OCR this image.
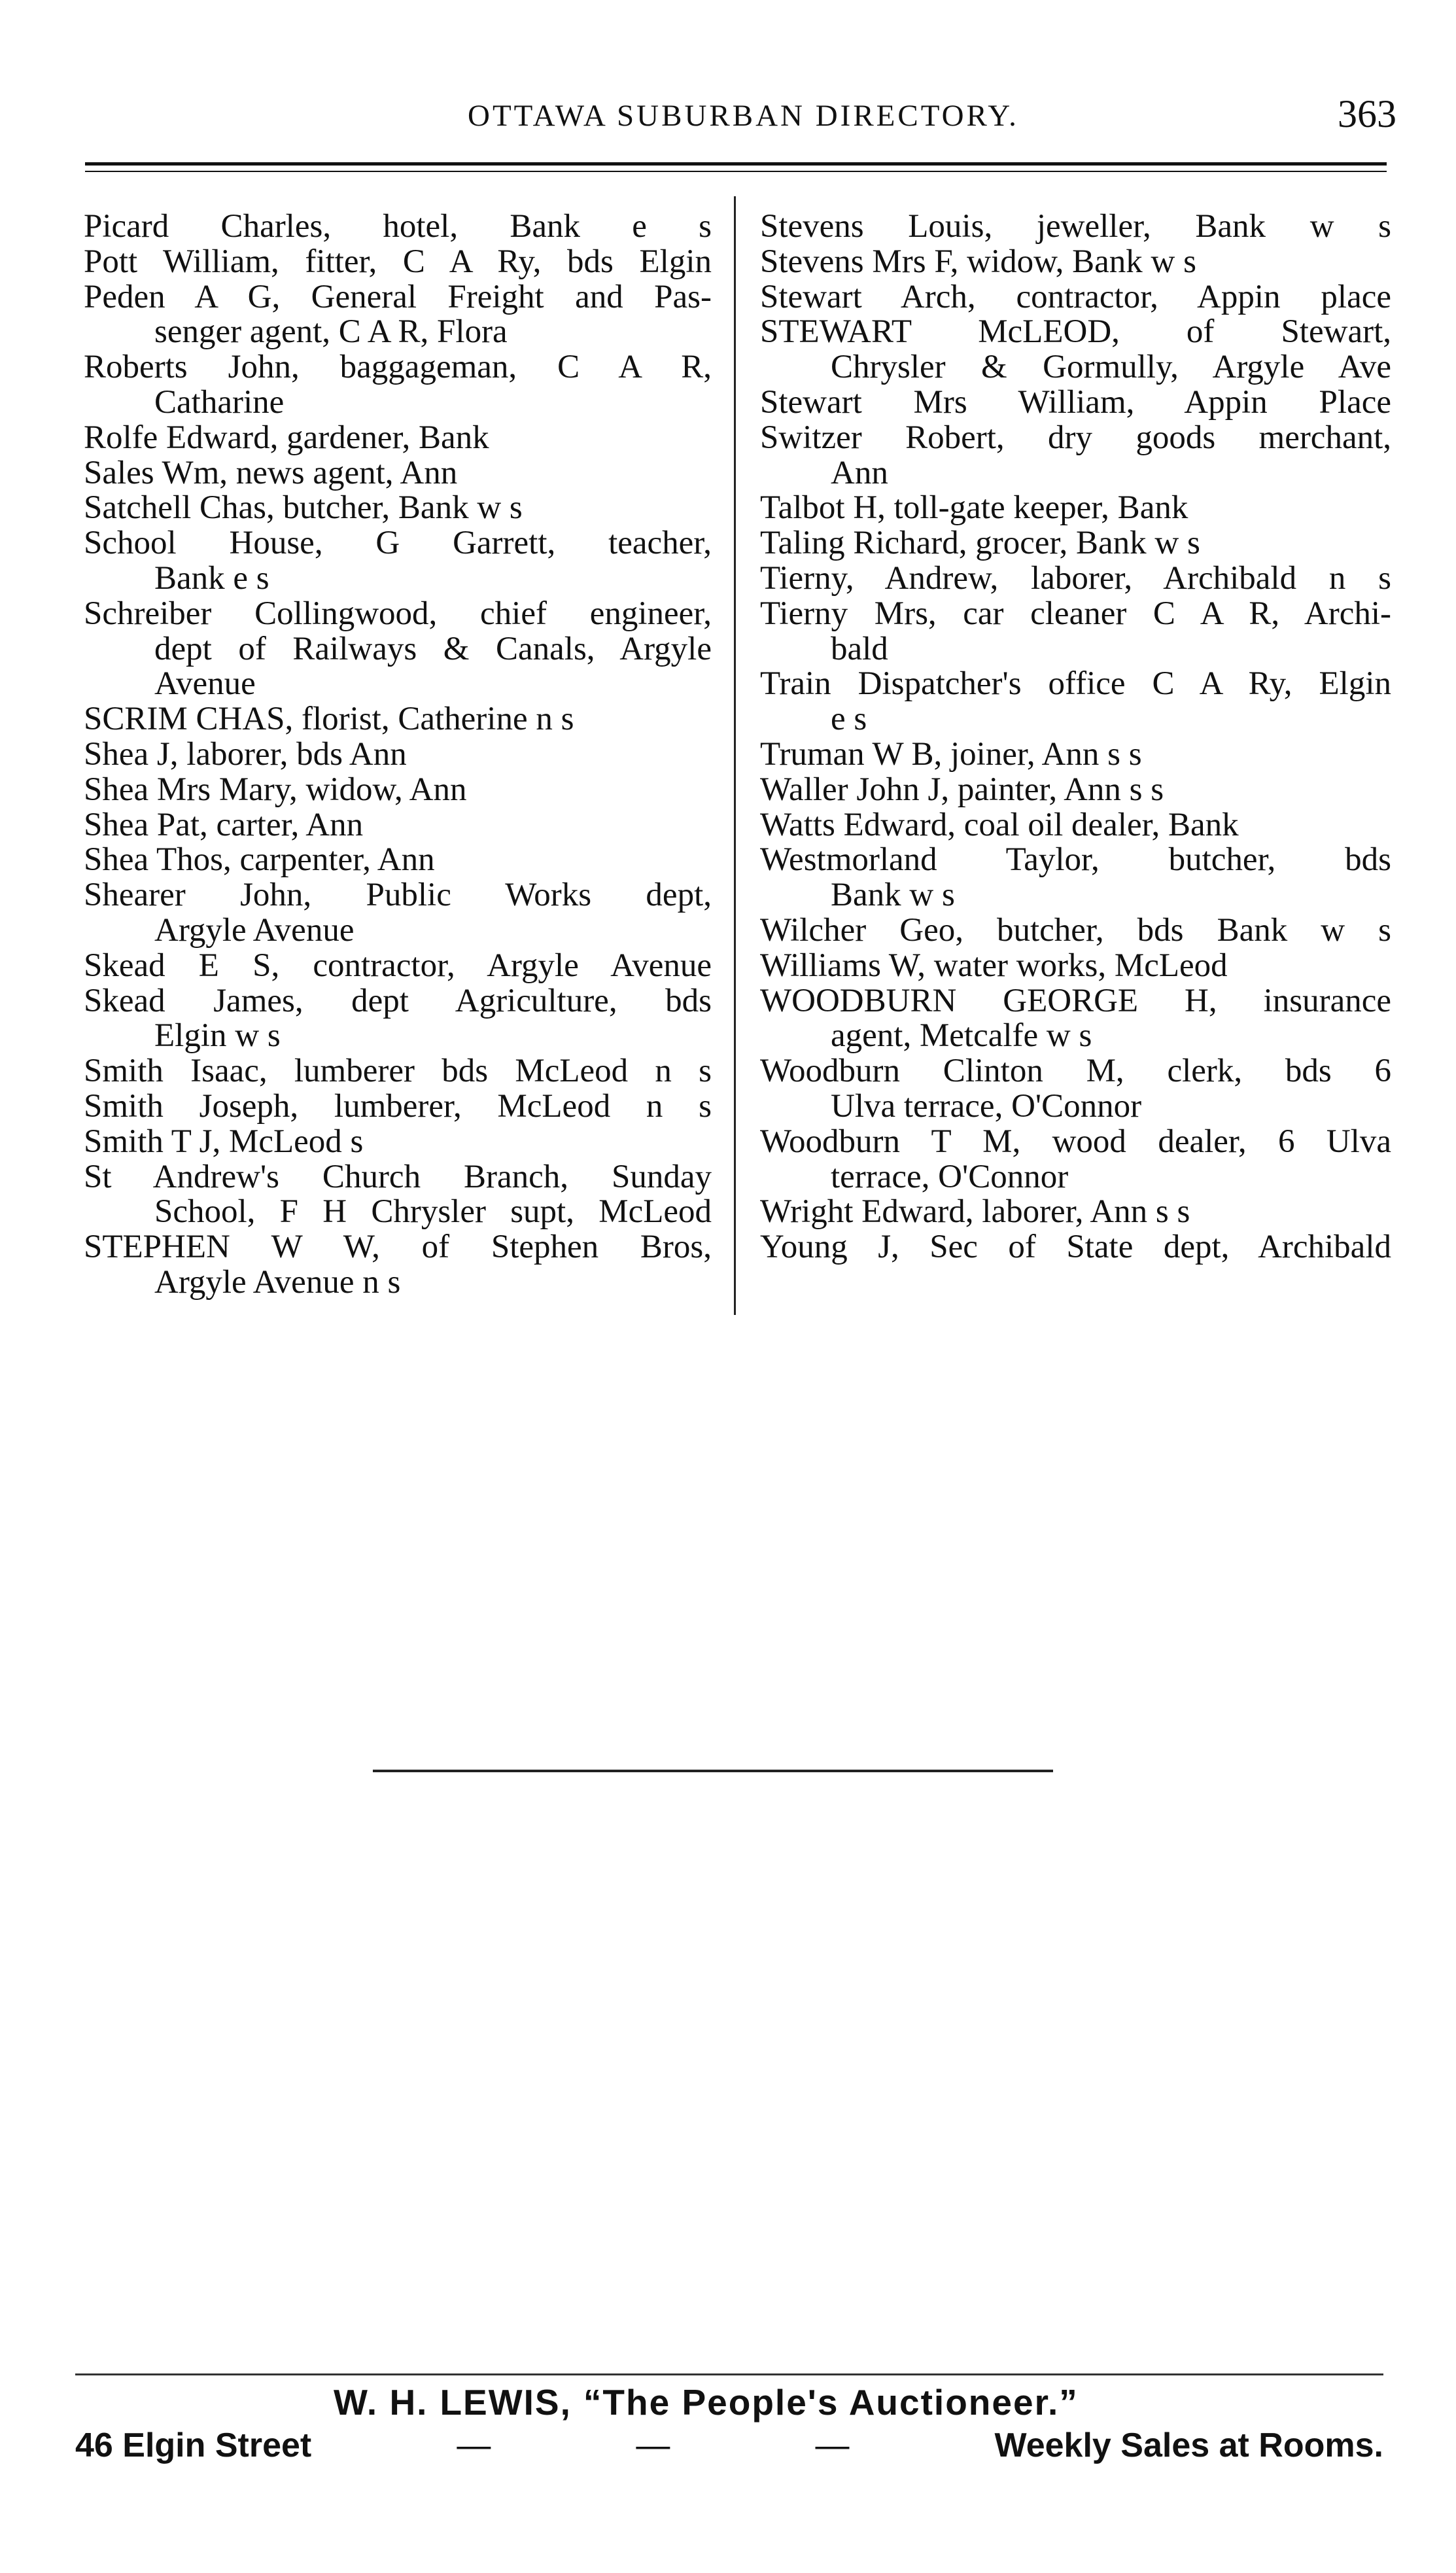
OTTAWA SUBURBAN DIRECTORY.	363
Picard Charles, hotel, Bank e s
Pott William, fitter, C A Ry, bds Elgin
Peden A G, General Freight and Pas-
senger agent, C A R, Flora
Roberts John, baggageman, C A R,
Catharine
Rolfe Edward, gardener, Bank
Sales Wm, news agent, Ann
Satchell Chas, butcher, Bank w s
School House, G Garrett, teacher,
Bank e s
Schreiber Collingwood, chief engineer,
dept of Railways & Canals, Argyle
Avenue
SCRIM CHAS, florist, Catherine n s
Shea J, laborer, bds Ann
Shea Mrs Mary, widow, Ann
Shea Pat, carter, Ann
Shea Thos, carpenter, Ann
Shearer John, Public Works dept,
Argyle Avenue
Skead E S, contractor, Argyle Avenue
Skead James, dept Agriculture, bds
Elgin w s
Smith Isaac, lumberer bds McLeod n s
Smith Joseph, lumberer, McLeod n s
Smith T J, McLeod s
St Andrew's Church Branch, Sunday
School, F H Chrysler supt, McLeod
STEPHEN W W, of Stephen Bros,
Argyle Avenue n s
Stevens Louis, jeweller, Bank w s
Stevens Mrs F, widow, Bank w s
Stewart Arch, contractor, Appin place
STEWART McLEOD, of Stewart,
Chrysler & Gormully, Argyle Ave
Stewart Mrs William, Appin Place
Switzer Robert, dry goods merchant,
Ann
Talbot H, toll-gate keeper, Bank
Taling Richard, grocer, Bank w s
Tierny, Andrew, laborer, Archibald n s
Tierny Mrs, car cleaner C A R, Archi-
bald
Train Dispatcher's office C A Ry, Elgin
e s
Truman W B, joiner, Ann s s
Waller John J, painter, Ann s s
Watts Edward, coal oil dealer, Bank
Westmorland Taylor, butcher, bds
Bank w s
Wilcher Geo, butcher, bds Bank w s
Williams W, water works, McLeod
WOODBURN GEORGE H, insurance
agent, Metcalfe w s
Woodburn Clinton M, clerk, bds 6
Ulva terrace, O'Connor
Woodburn T M, wood dealer, 6 Ulva
terrace, O'Connor
Wright Edward, laborer, Ann s s
Young J, Sec of State dept, Archibald
W. H. LEWIS, “The People's Auctioneer.”
46 Elgin Street	—	—	—	Weekly Sales at Rooms.
